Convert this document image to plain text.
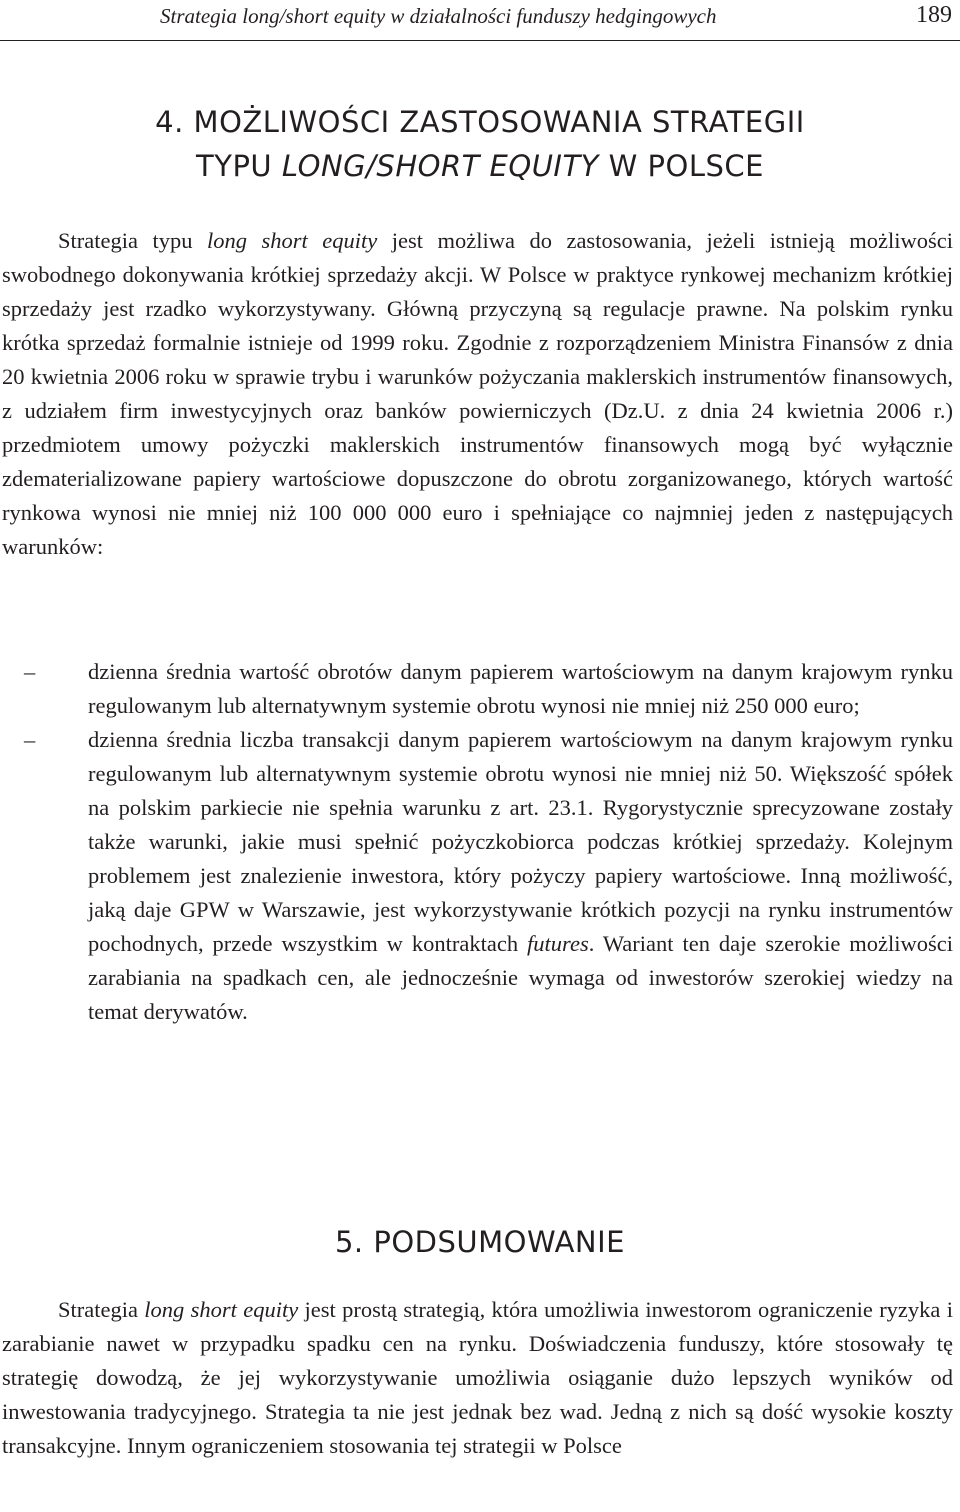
Strategia long/short equity w działalności funduszy hedgingowych	189
4. MOŻLIWOŚCI ZASTOSOWANIA STRATEGII
TYPU LONG/SHORT EQUITY W POLSCE

Strategia typu long short equity jest możliwa do zastosowania, jeżeli istnieją możliwości swobodnego dokonywania krótkiej sprzedaży akcji. W Polsce w praktyce rynkowej mechanizm krótkiej sprzedaży jest rzadko wykorzystywany. Główną przyczyną są regulacje prawne. Na polskim rynku krótka sprzedaż formalnie istnieje od 1999 roku. Zgodnie z rozporządzeniem Ministra Finansów z dnia 20 kwietnia 2006 roku w sprawie trybu i warunków pożyczania maklerskich instrumentów finansowych, z udziałem firm inwestycyjnych oraz banków powierniczych (Dz.U. z dnia 24 kwietnia 2006 r.) przedmiotem umowy pożyczki maklerskich instrumentów finansowych mogą być wyłącznie zdematerializowane papiery wartościowe dopuszczone do obrotu zorganizowanego, których wartość rynkowa wynosi nie mniej niż 100 000 000 euro i spełniające co najmniej jeden z następujących warunków:

– dzienna średnia wartość obrotów danym papierem wartościowym na danym krajowym rynku regulowanym lub alternatywnym systemie obrotu wynosi nie mniej niż 250 000 euro;
– dzienna średnia liczba transakcji danym papierem wartościowym na danym krajowym rynku regulowanym lub alternatywnym systemie obrotu wynosi nie mniej niż 50. Większość spółek na polskim parkiecie nie spełnia warunku z art. 23.1. Rygorystycznie sprecyzowane zostały także warunki, jakie musi spełnić pożyczkobiorca podczas krótkiej sprzedaży. Kolejnym problemem jest znalezienie inwestora, który pożyczy papiery wartościowe. Inną możliwość, jaką daje GPW w Warszawie, jest wykorzystywanie krótkich pozycji na rynku instrumentów pochodnych, przede wszystkim w kontraktach futures. Wariant ten daje szerokie możliwości zarabiania na spadkach cen, ale jednocześnie wymaga od inwestorów szerokiej wiedzy na temat derywatów.
5. PODSUMOWANIE

Strategia long short equity jest prostą strategią, która umożliwia inwestorom ograniczenie ryzyka i zarabianie nawet w przypadku spadku cen na rynku. Doświadczenia funduszy, które stosowały tę strategię dowodzą, że jej wykorzystywanie umożliwia osiąganie dużo lepszych wyników od inwestowania tradycyjnego. Strategia ta nie jest jednak bez wad. Jedną z nich są dość wysokie koszty transakcyjne. Innym ograniczeniem stosowania tej strategii w Polsce
